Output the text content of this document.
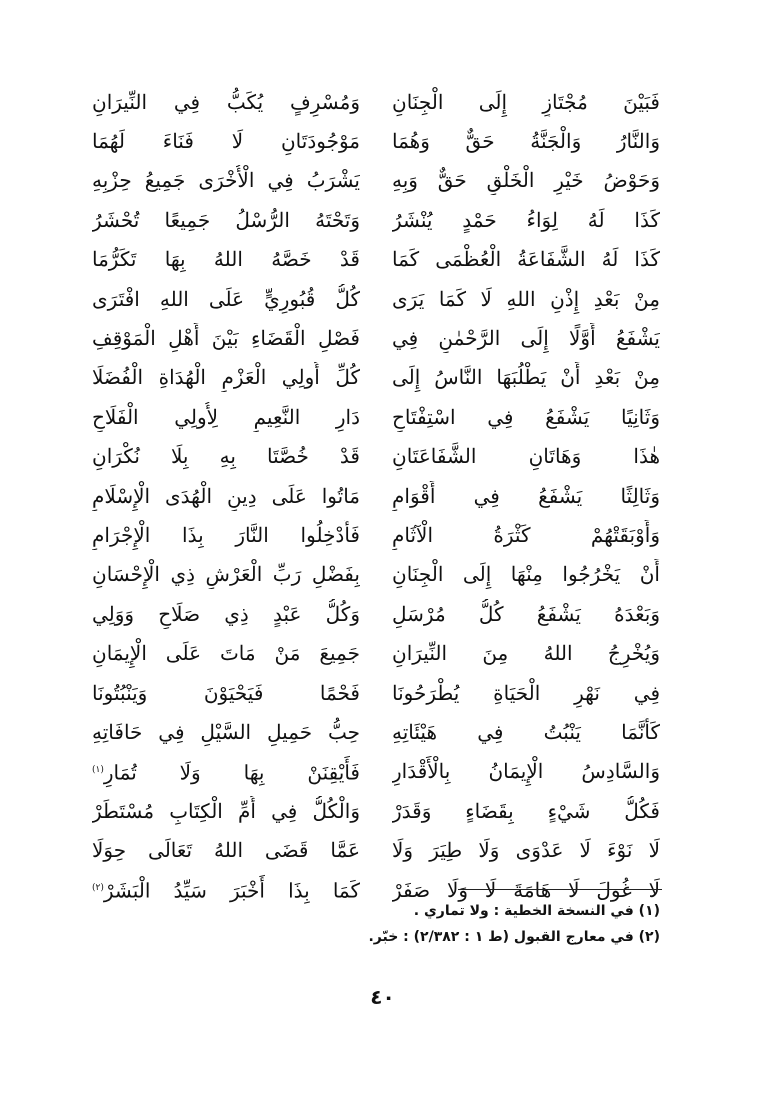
فَبَيْنَ مُجْتَازٍ إِلَى الْجِنَانِ
وَمُسْرِفٍ يُكَبُّ فِي النِّيرَانِ
وَالنَّارُ وَالْجَنَّةُ حَقٌّ وَهُمَا
مَوْجُودَتَانِ لَا فَنَاءَ لَهُمَا
وَحَوْضُ خَيْرِ الْخَلْقِ حَقٌّ وَبِهِ
يَشْرَبُ فِي الْأُخْرَى جَمِيعُ حِزْبِهِ
كَذَا لَهُ لِوَاءُ حَمْدٍ يُنْشَرُ
وَتَحْتَهُ الرُّسْلُ جَمِيعًا تُحْشَرُ
كَذَا لَهُ الشَّفَاعَةُ الْعُظْمَى كَمَا
قَدْ خَصَّهُ اللهُ بِهَا تَكَرُّمَا
مِنْ بَعْدِ إِذْنِ اللهِ لَا كَمَا يَرَى
كُلُّ قُبُورِيٍّ عَلَى اللهِ افْتَرَى
يَشْفَعُ أَوَّلًا إِلَى الرَّحْمٰنِ فِي
فَصْلِ الْقَضَاءِ بَيْنَ أَهْلِ الْمَوْقِفِ
مِنْ بَعْدِ أَنْ يَطْلُبَهَا النَّاسُ إِلَى
كُلِّ أُولِي الْعَزْمِ الْهُدَاةِ الْفُضَلَا
وَثَانِيًا يَشْفَعُ فِي اسْتِفْتَاحِ
دَارِ النَّعِيمِ لِأُولِي الْفَلَاحِ
هٰذَا وَهَاتَانِ الشَّفَاعَتَانِ
قَدْ خُصَّتَا بِهِ بِلَا نُكْرَانِ
وَثَالِثًا يَشْفَعُ فِي أَقْوَامِ
مَاتُوا عَلَى دِينِ الْهُدَى الْإِسْلَامِ
وَأَوْبَقَتْهُمْ كَثْرَةُ الْآثَامِ
فَأُدْخِلُوا النَّارَ بِذَا الْإِجْرَامِ
أَنْ يَخْرُجُوا مِنْهَا إِلَى الْجِنَانِ
بِفَضْلِ رَبِّ الْعَرْشِ ذِي الْإِحْسَانِ
وَبَعْدَهُ يَشْفَعُ كُلُّ مُرْسَلِ
وَكُلُّ عَبْدٍ ذِي صَلَاحٍ وَوَلِي
وَيُخْرِجُ اللهُ مِنَ النِّيرَانِ
جَمِيعَ مَنْ مَاتَ عَلَى الْإِيمَانِ
فِي نَهْرِ الْحَيَاةِ يُطْرَحُونَا
فَحْمًا فَيَحْيَوْنَ وَيَنْبُتُونَا
كَأَنَّمَا يَنْبُتُ فِي هَيْئَاتِهِ
حِبُّ حَمِيلِ السَّيْلِ فِي حَافَاتِهِ
وَالسَّادِسُ الْإِيمَانُ بِالْأَقْدَارِ
فَأَيْقِنَنْ بِهَا وَلَا تُمَارِ$^{(١)}$
فَكُلُّ شَيْءٍ بِقَضَاءٍ وَقَدَرْ
وَالْكُلُّ فِي أُمِّ الْكِتَابِ مُسْتَطَرْ
لَا نَوْءَ لَا عَدْوَى وَلَا طِيَرَ وَلَا
عَمَّا قَضَى اللهُ تَعَالَى حِوَلَا
لَا غُولَ لَا هَامَةَ لَا وَلَا صَفَرْ
كَمَا بِذَا أَخْبَرَ سَيِّدُ الْبَشَرْ$^{(٢)}$
(١) في النسخة الخطية : ولا تماري .
(٢) في معارج القبول (ط ١ : ٢/٣٨٢) : خبّر.
٤٠
